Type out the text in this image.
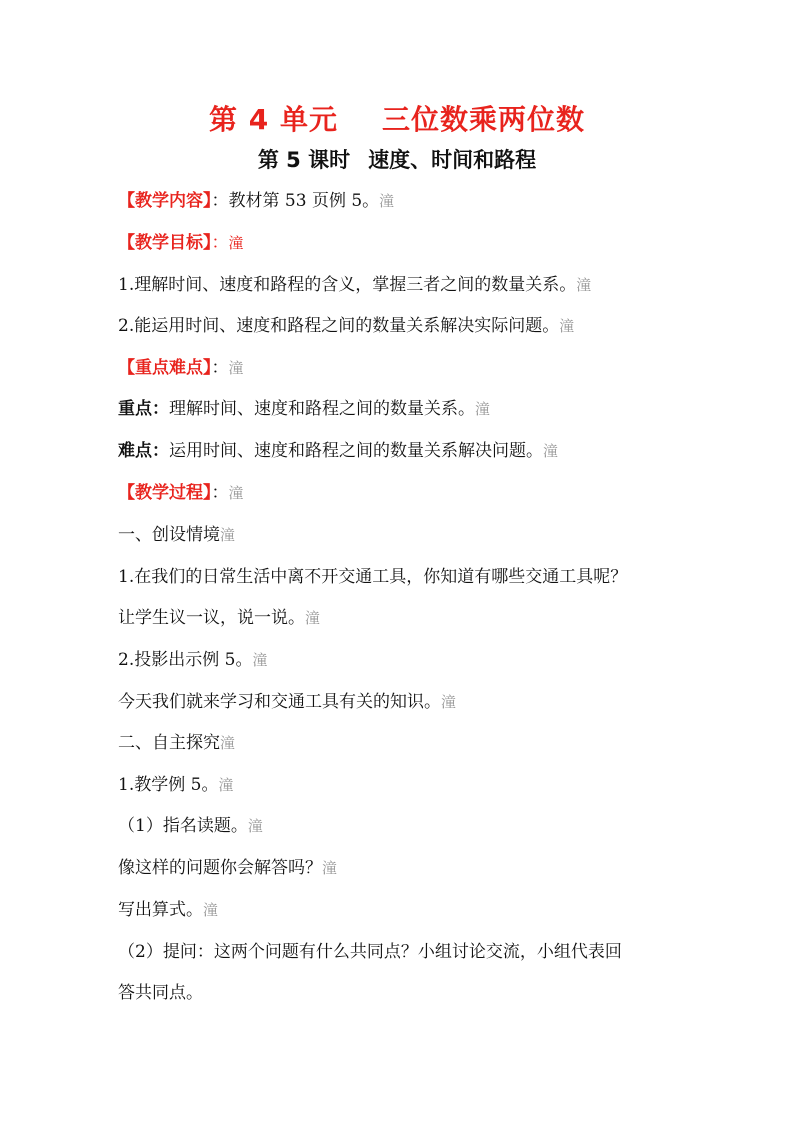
第 4 单元 三位数乘两位数
第 5 课时 速度、时间和路程
【教学内容】：教材第 53 页例 5。潼
【教学目标】：潼
1.理解时间、速度和路程的含义，掌握三者之间的数量关系。潼
2.能运用时间、速度和路程之间的数量关系解决实际问题。潼
【重点难点】：潼
重点：理解时间、速度和路程之间的数量关系。潼
难点：运用时间、速度和路程之间的数量关系解决问题。潼
【教学过程】：潼
一、创设情境潼
1.在我们的日常生活中离不开交通工具，你知道有哪些交通工具呢？
让学生议一议，说一说。潼
2.投影出示例 5。潼
今天我们就来学习和交通工具有关的知识。潼
二、自主探究潼
1.教学例 5。潼
（1）指名读题。潼
像这样的问题你会解答吗？潼
写出算式。潼
（2）提问：这两个问题有什么共同点？小组讨论交流，小组代表回
答共同点。
